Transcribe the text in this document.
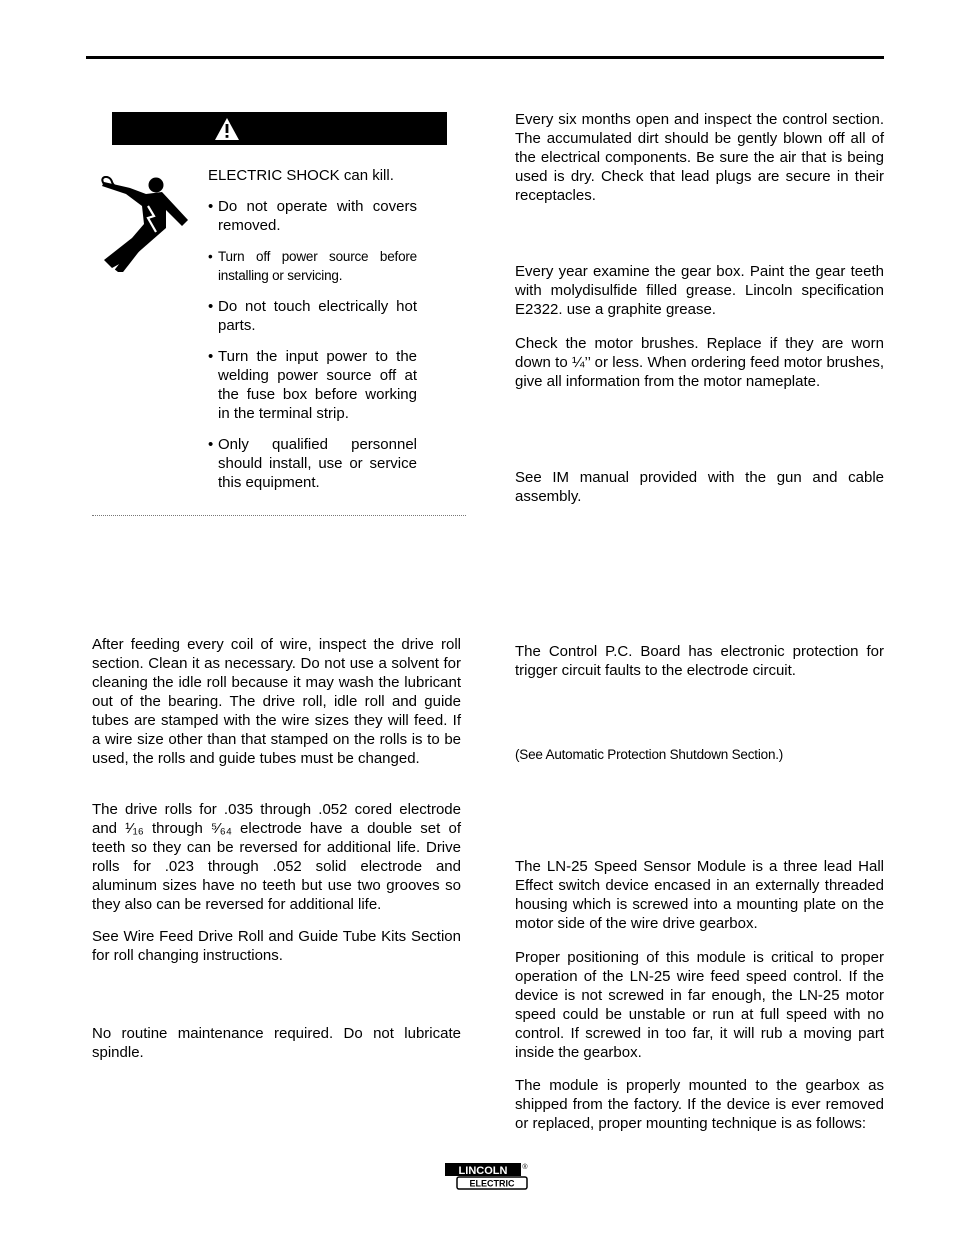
ELECTRIC SHOCK can kill.

• Do not operate with covers removed.

• Turn off power source before installing or servicing.

• Do not touch electrically hot parts.

• Turn the input power to the welding power source off at the fuse box before working in the terminal strip.

• Only qualified personnel should install, use or service this equipment.

After feeding every coil of wire, inspect the drive roll section. Clean it as necessary. Do not use a solvent for cleaning the idle roll because it may wash the lubricant out of the bearing. The drive roll, idle roll and guide tubes are stamped with the wire sizes they will feed. If a wire size other than that stamped on the rolls is to be used, the rolls and guide tubes must be changed.

The drive rolls for .035 through .052 cored electrode and ¹⁄₁₆ through ⁵⁄₆₄ electrode have a double set of teeth so they can be reversed for additional life. Drive rolls for .023 through .052 solid electrode and aluminum sizes have no teeth but use two grooves so they also can be reversed for additional life.

See Wire Feed Drive Roll and Guide Tube Kits Section for roll changing instructions.

No routine maintenance required. Do not lubricate spindle.

Every six months open and inspect the control section. The accumulated dirt should be gently blown off all of the electrical components. Be sure the air that is being used is dry. Check that lead plugs are secure in their receptacles.

Every year examine the gear box. Paint the gear teeth with molydisulfide filled grease. Lincoln specification E2322. use a graphite grease.

Check the motor brushes. Replace if they are worn down to ¼’’ or less. When ordering feed motor brushes, give all information from the motor nameplate.

See IM manual provided with the gun and cable assembly.

The Control P.C. Board has electronic protection for trigger circuit faults to the electrode circuit.

(See Automatic Protection Shutdown Section.)

The LN-25 Speed Sensor Module is a three lead Hall Effect switch device encased in an externally threaded housing which is screwed into a mounting plate on the motor side of the wire drive gearbox.

Proper positioning of this module is critical to proper operation of the LN-25 wire feed speed control. If the device is not screwed in far enough, the LN-25 motor speed could be unstable or run at full speed with no control. If screwed in too far, it will rub a moving part inside the gearbox.

The module is properly mounted to the gearbox as shipped from the factory. If the device is ever removed or replaced, proper mounting technique is as follows:

LINCOLN ®
ELECTRIC
